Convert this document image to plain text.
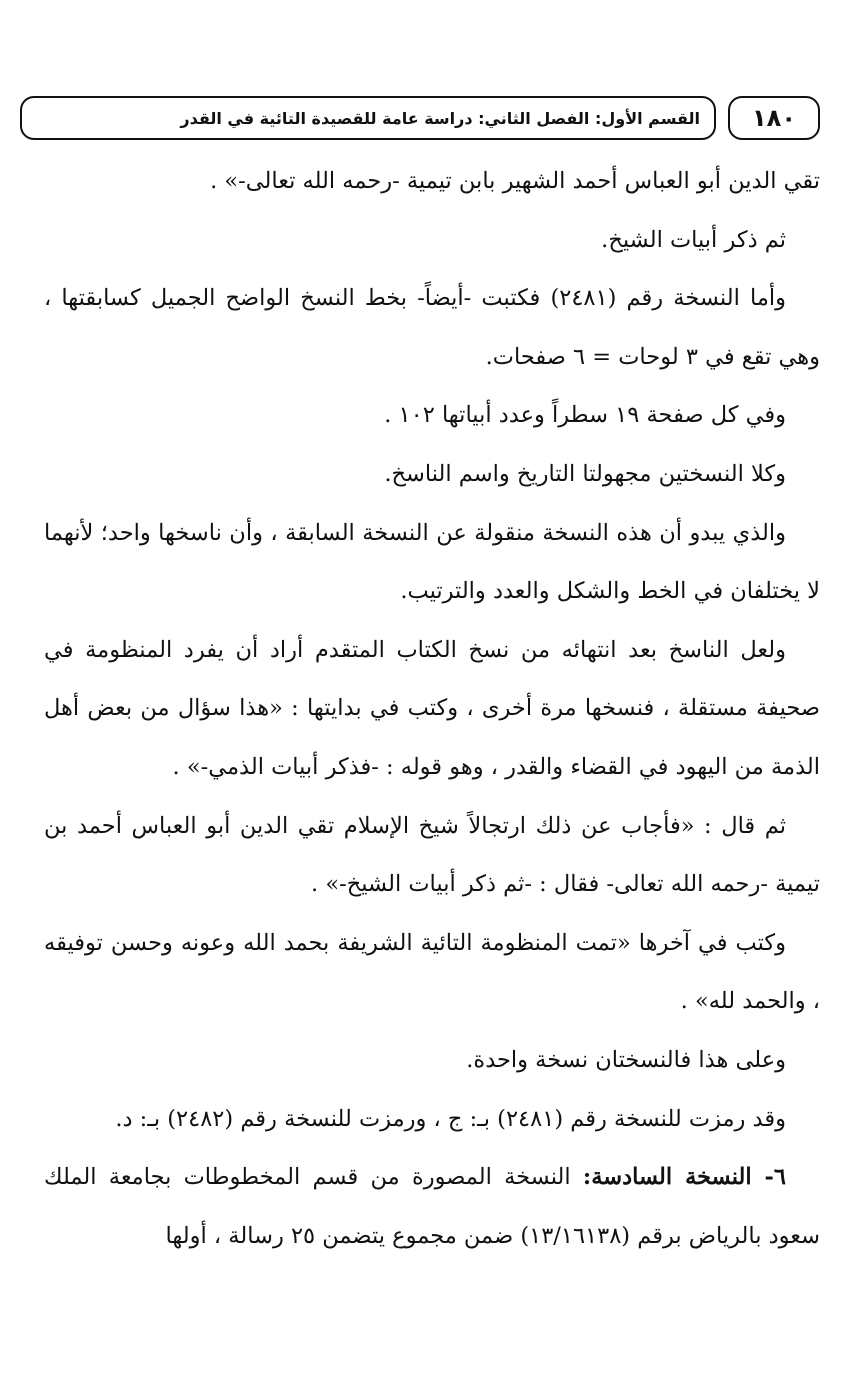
١٨٠
القسم الأول: الفصل الثاني: دراسة عامة للقصيدة التائية في القدر

تقي الدين أبو العباس أحمد الشهير بابن تيمية -رحمه الله تعالى-» .

ثم ذكر أبيات الشيخ.

وأما النسخة رقم (٢٤٨١) فكتبت -أيضاً- بخط النسخ الواضح الجميل كسابقتها ، وهي تقع في ٣ لوحات = ٦ صفحات.

وفي كل صفحة ١٩ سطراً وعدد أبياتها ١٠٢ .

وكلا النسختين مجهولتا التاريخ واسم الناسخ.

والذي يبدو أن هذه النسخة منقولة عن النسخة السابقة ، وأن ناسخها واحد؛ لأنهما لا يختلفان في الخط والشكل والعدد والترتيب.

ولعل الناسخ بعد انتهائه من نسخ الكتاب المتقدم أراد أن يفرد المنظومة في صحيفة مستقلة ، فنسخها مرة أخرى ، وكتب في بدايتها : «هذا سؤال من بعض أهل الذمة من اليهود في القضاء والقدر ، وهو قوله : -فذكر أبيات الذمي-» .

ثم قال : «فأجاب عن ذلك ارتجالاً شيخ الإسلام تقي الدين أبو العباس أحمد بن تيمية -رحمه الله تعالى- فقال : -ثم ذكر أبيات الشيخ-» .

وكتب في آخرها «تمت المنظومة التائية الشريفة بحمد الله وعونه وحسن توفيقه ، والحمد لله» .

وعلى هذا فالنسختان نسخة واحدة.

وقد رمزت للنسخة رقم (٢٤٨١) بـ: ج ، ورمزت للنسخة رقم (٢٤٨٢) بـ: د.

٦- النسخة السادسة: النسخة المصورة من قسم المخطوطات بجامعة الملك سعود بالرياض برقم (١٣/١٦١٣٨) ضمن مجموع يتضمن ٢٥ رسالة ، أولها
